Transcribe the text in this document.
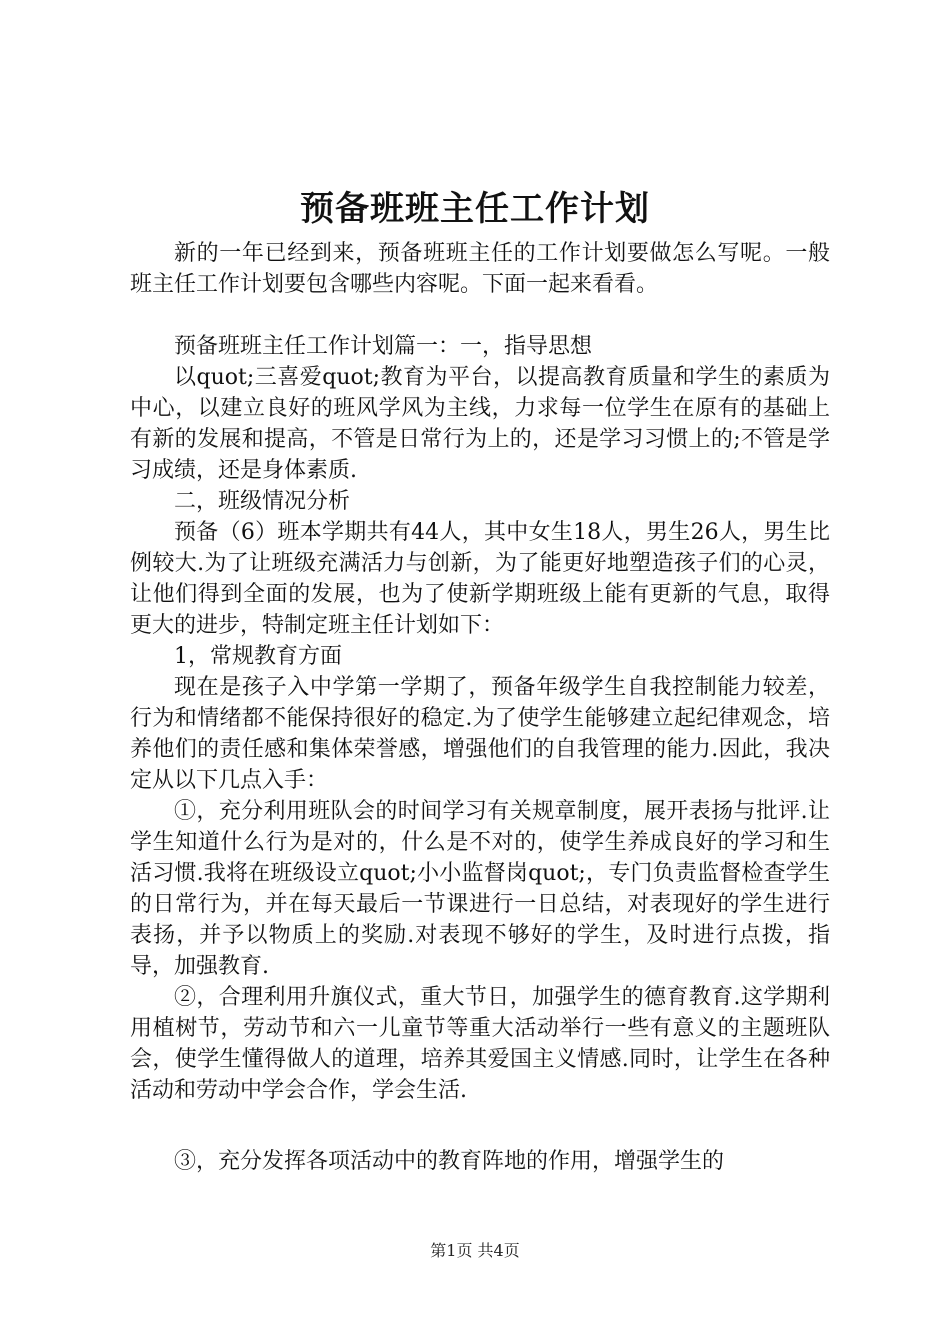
预备班班主任工作计划

新的一年已经到来，预备班班主任的工作计划要做怎么写呢。一般班主任工作计划要包含哪些内容呢。下面一起来看看。

预备班班主任工作计划篇一：一，指导思想

以quot;三喜爱quot;教育为平台，以提高教育质量和学生的素质为中心，以建立良好的班风学风为主线，力求每一位学生在原有的基础上有新的发展和提高，不管是日常行为上的，还是学习习惯上的;不管是学习成绩，还是身体素质.

二，班级情况分析

预备（6）班本学期共有44人，其中女生18人，男生26人，男生比例较大.为了让班级充满活力与创新，为了能更好地塑造孩子们的心灵，让他们得到全面的发展，也为了使新学期班级上能有更新的气息，取得更大的进步，特制定班主任计划如下：

1，常规教育方面

现在是孩子入中学第一学期了，预备年级学生自我控制能力较差，行为和情绪都不能保持很好的稳定.为了使学生能够建立起纪律观念，培养他们的责任感和集体荣誉感，增强他们的自我管理的能力.因此，我决定从以下几点入手：

①，充分利用班队会的时间学习有关规章制度，展开表扬与批评.让学生知道什么行为是对的，什么是不对的，使学生养成良好的学习和生活习惯.我将在班级设立quot;小小监督岗quot;，专门负责监督检查学生的日常行为，并在每天最后一节课进行一日总结，对表现好的学生进行表扬，并予以物质上的奖励.对表现不够好的学生，及时进行点拨，指导，加强教育.

②，合理利用升旗仪式，重大节日，加强学生的德育教育.这学期利用植树节，劳动节和六一儿童节等重大活动举行一些有意义的主题班队会，使学生懂得做人的道理，培养其爱国主义情感.同时，让学生在各种活动和劳动中学会合作，学会生活.

③，充分发挥各项活动中的教育阵地的作用，增强学生的

第1页 共4页
